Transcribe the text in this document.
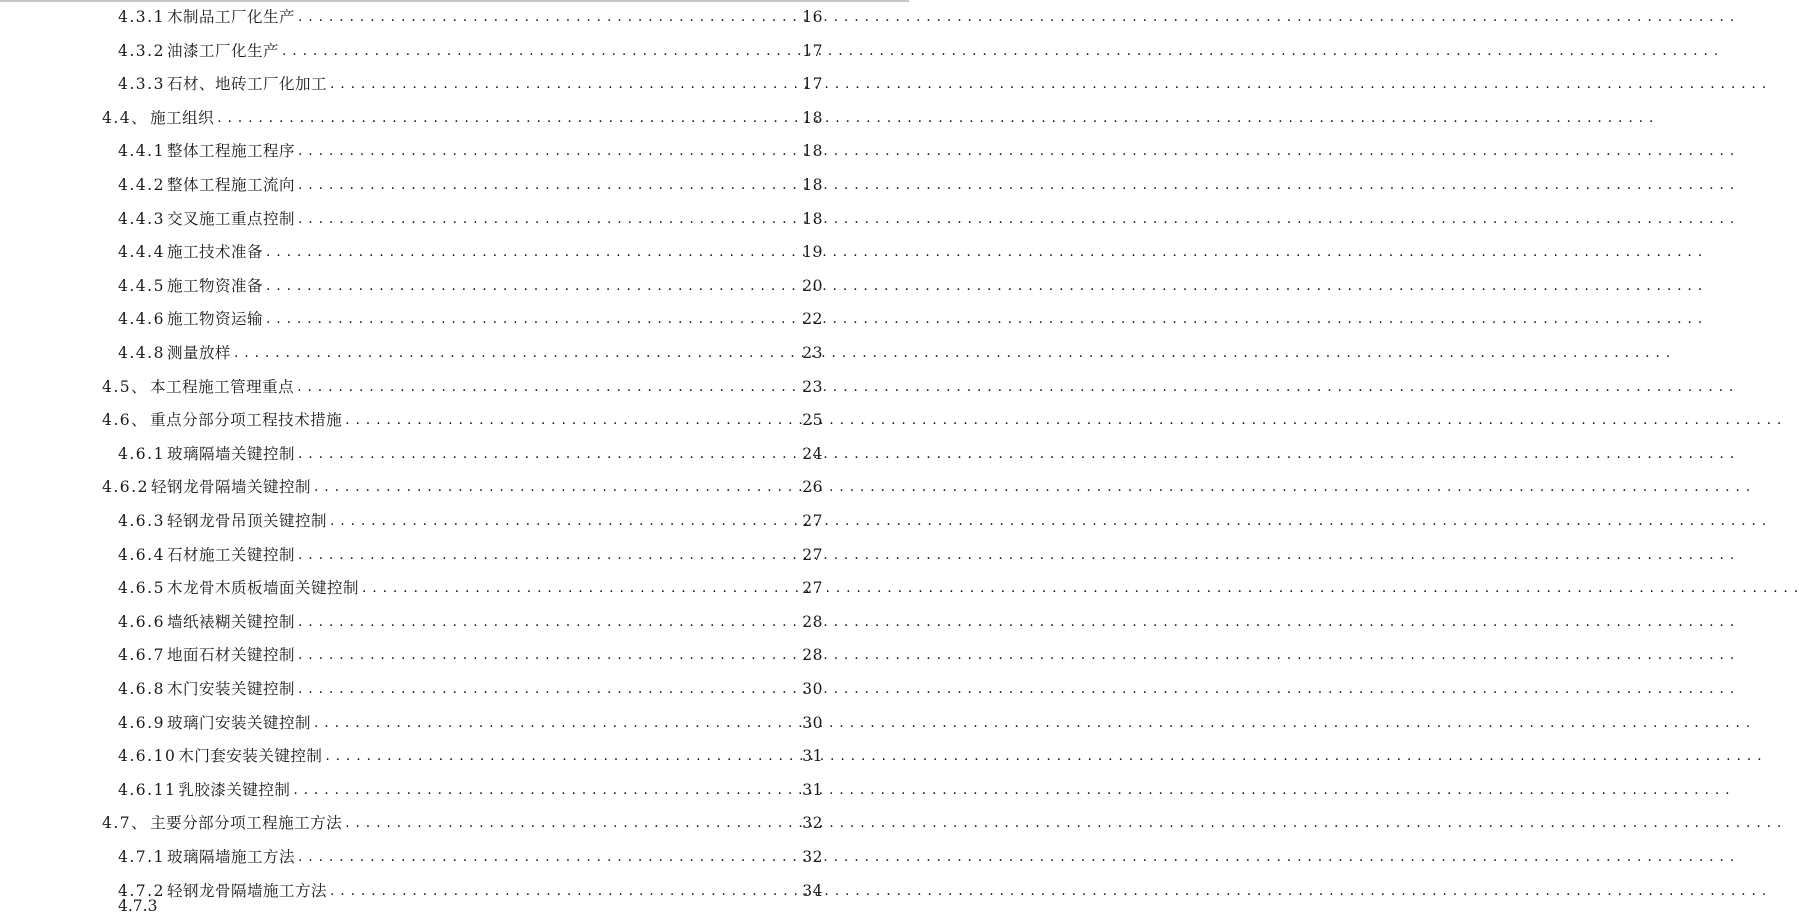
4.3.1 木制品工厂化生产 . . .	16
4.3.2 油漆工厂化生产 . . .	17
4.3.3 石材、地砖工厂化加工 . . .	17
4.4、 施工组织 . . .	18
4.4.1 整体工程施工程序 . . .	18
4.4.2 整体工程施工流向 . . .	18
4.4.3 交叉施工重点控制 . . .	18
4.4.4 施工技术准备 . . .	19
4.4.5 施工物资准备 . . .	20
4.4.6 施工物资运输 . . .	22
4.4.8 测量放样 . . .	23
4.5、 本工程施工管理重点 . . .	23
4.6、 重点分部分项工程技术措施 . . .	25
4.6.1 玻璃隔墙关键控制 . . .	24
4.6.2 轻钢龙骨隔墙关键控制 . . .	26
4.6.3 轻钢龙骨吊顶关键控制 . . .	27
4.6.4 石材施工关键控制 . . .	27
4.6.5 木龙骨木质板墙面关键控制 . . .	27
4.6.6 墙纸裱糊关键控制 . . .	28
4.6.7 地面石材关键控制 . . .	28
4.6.8 木门安装关键控制 . . .	30
4.6.9 玻璃门安装关键控制 . . .	30
4.6.10 木门套安装关键控制 . . .	31
4.6.11 乳胶漆关键控制 . . .	31
4.7、 主要分部分项工程施工方法 . . .	32
4.7.1 玻璃隔墙施工方法 . . .	32
4.7.2 轻钢龙骨隔墙施工方法 . . .	34
4.7.3
